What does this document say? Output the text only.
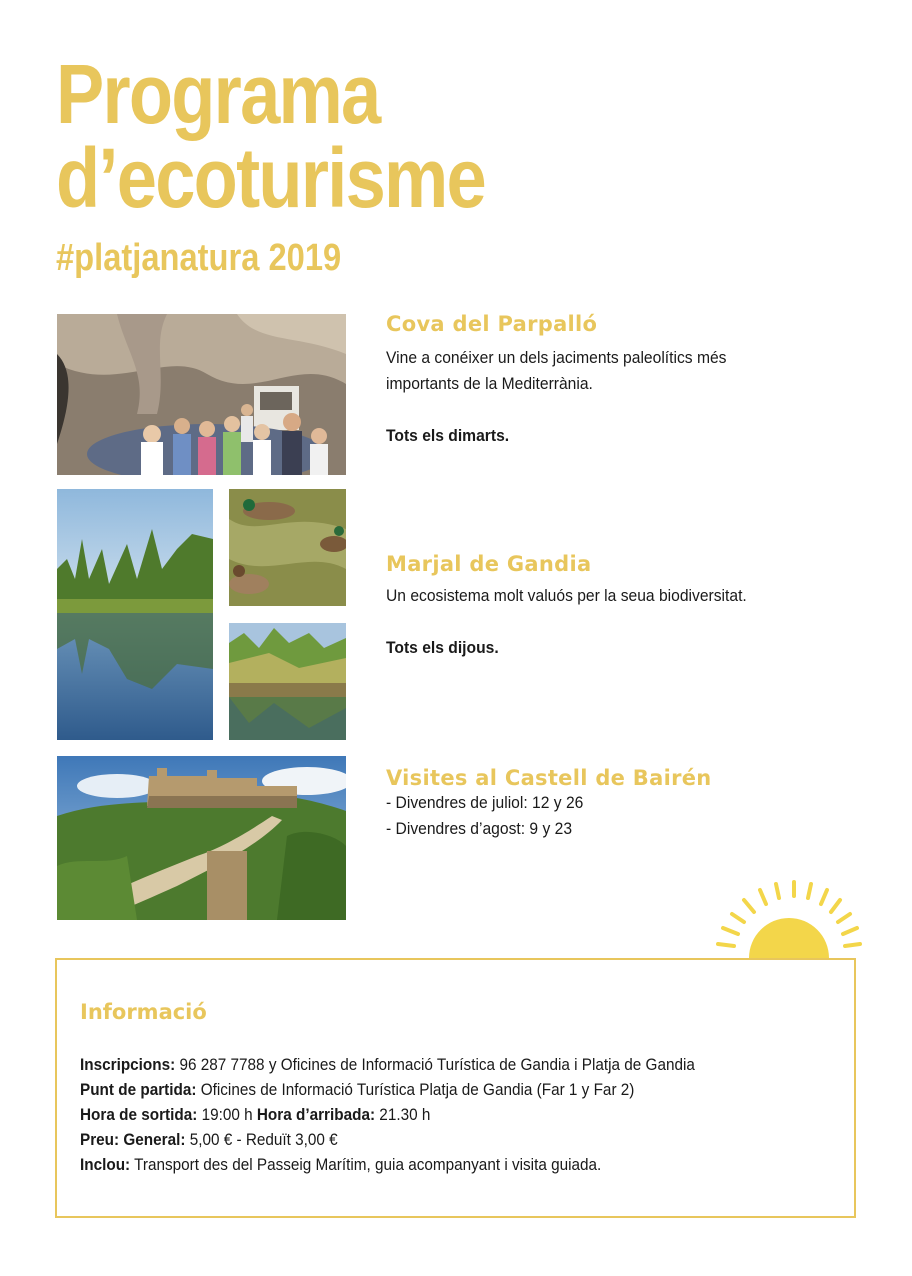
Programa
d’ecoturisme
#platjanatura 2019
Cova del Parpalló

Vine a conéixer un dels jaciments paleolítics més

importants de la Mediterrània.

Tots els dimarts.

Marjal de Gandia

Un ecosistema molt valuós per la seua biodiversitat.

Tots els dijous.

Visites al Castell de Bairén

- Divendres de juliol: 12 y 26

- Divendres d’agost: 9 y 23

Informació
Inscripcions: 96 287 7788 y Oficines de Informació Turística de Gandia i Platja de Gandia
Punt de partida: Oficines de Informació Turística Platja de Gandia (Far 1 y Far 2)
Hora de sortida: 19:00 h Hora d’arribada: 21.30 h
Preu: General: 5,00 € - Reduït 3,00 €
Inclou: Transport des del Passeig Marítim, guia acompanyant i visita guiada.
